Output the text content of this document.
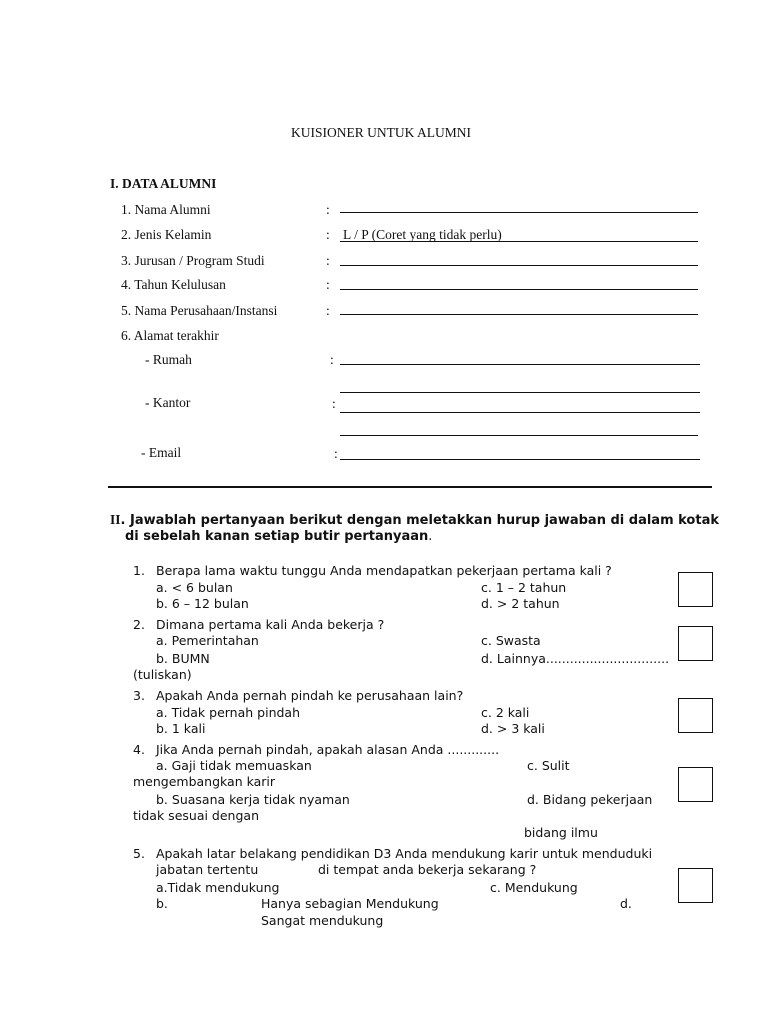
KUISIONER UNTUK ALUMNI
I. DATA ALUMNI
1. Nama Alumni	:
2. Jenis Kelamin	: L / P (Coret yang tidak perlu)
3. Jurusan / Program Studi	:
4. Tahun Kelulusan	:
5. Nama Perusahaan/Instansi	:
6. Alamat terakhir
- Rumah	:
- Kantor	:
- Email	:
II. Jawablah pertanyaan berikut dengan meletakkan hurup jawaban di dalam kotak
di sebelah kanan setiap butir pertanyaan.
1. Berapa lama waktu tunggu Anda mendapatkan pekerjaan pertama kali ?
a. < 6 bulan	c. 1 – 2 tahun
b. 6 – 12 bulan	d. > 2 tahun
2. Dimana pertama kali Anda bekerja ?
a. Pemerintahan	c. Swasta
b. BUMN	d. Lainnya...............................
(tuliskan)
3. Apakah Anda pernah pindah ke perusahaan lain?
a. Tidak pernah pindah	c. 2 kali
b. 1 kali	d. > 3 kali
4. Jika Anda pernah pindah, apakah alasan Anda .............
a. Gaji tidak memuaskan	c. Sulit
mengembangkan karir
b. Suasana kerja tidak nyaman	d. Bidang pekerjaan
tidak sesuai dengan
bidang ilmu
5. Apakah latar belakang pendidikan D3 Anda mendukung karir untuk menduduki
jabatan tertentu	di tempat anda bekerja sekarang ?
a.Tidak mendukung	c. Mendukung
b.	Hanya sebagian Mendukung	d.
Sangat mendukung
